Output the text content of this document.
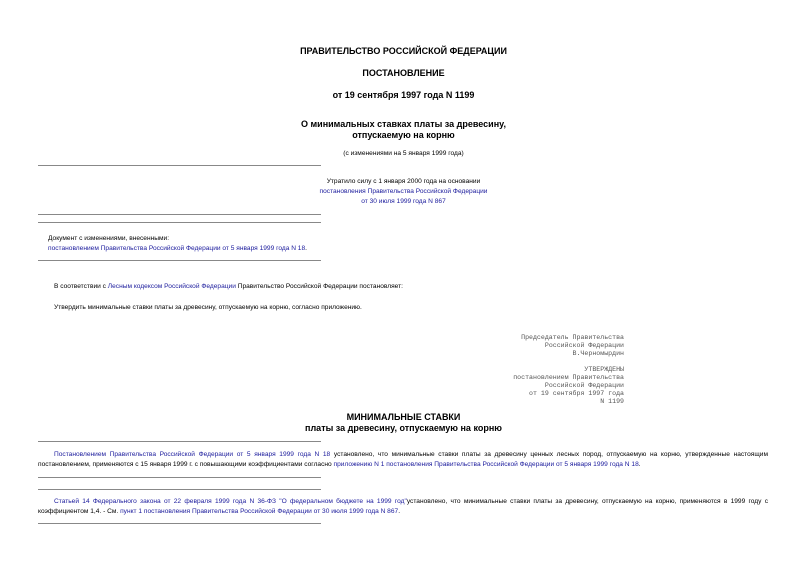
ПРАВИТЕЛЬСТВО РОССИЙСКОЙ ФЕДЕРАЦИИ
ПОСТАНОВЛЕНИЕ
от 19 сентября 1997 года N 1199
О минимальных ставках платы за древесину,
отпускаемую на корню
(с изменениями на 5 января 1999 года)
Утратило силу с 1 января 2000 года на основании
постановления Правительства Российской Федерации
от 30 июля 1999 года N 867
Документ с изменениями, внесенными:
постановлением Правительства Российской Федерации от 5 января 1999 года N 18.
В соответствии с Лесным кодексом Российской Федерации Правительство Российской Федерации постановляет:
Утвердить минимальные ставки платы за древесину, отпускаемую на корню, согласно приложению.
Председатель Правительства
Российской Федерации
В.Черномырдин
УТВЕРЖДЕНЫ
постановлением Правительства
Российской Федерации
от 19 сентября 1997 года
N 1199
МИНИМАЛЬНЫЕ СТАВКИ
платы за древесину, отпускаемую на корню
Постановлением Правительства Российской Федерации от 5 января 1999 года N 18 установлено, что минимальные ставки платы за древесину ценных лесных пород, отпускаемую на корню, утвержденные настоящим постановлением, применяются с 15 января 1999 г. с повышающими коэффициентами согласно приложению N 1 постановления Правительства Российской Федерации от 5 января 1999 года N 18.
Статьей 14 Федерального закона от 22 февраля 1999 года N 36-ФЗ "О федеральном бюджете на 1999 год"установлено, что минимальные ставки платы за древесину, отпускаемую на корню, применяются в 1999 году с коэффициентом 1,4. - См. пункт 1 постановления Правительства Российской Федерации от 30 июля 1999 года N 867.
